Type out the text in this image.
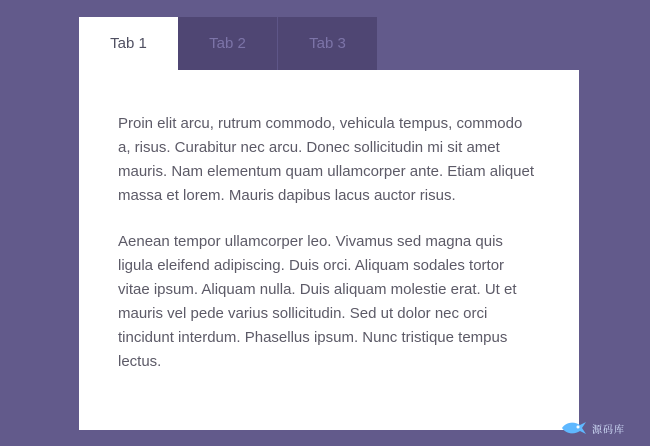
Tab 1	Tab 2	Tab 3

Proin elit arcu, rutrum commodo, vehicula tempus, commodo a, risus. Curabitur nec arcu. Donec sollicitudin mi sit amet mauris. Nam elementum quam ullamcorper ante. Etiam aliquet massa et lorem. Mauris dapibus lacus auctor risus.

Aenean tempor ullamcorper leo. Vivamus sed magna quis ligula eleifend adipiscing. Duis orci. Aliquam sodales tortor vitae ipsum. Aliquam nulla. Duis aliquam molestie erat. Ut et mauris vel pede varius sollicitudin. Sed ut dolor nec orci tincidunt interdum. Phasellus ipsum. Nunc tristique tempus lectus.

源码库
